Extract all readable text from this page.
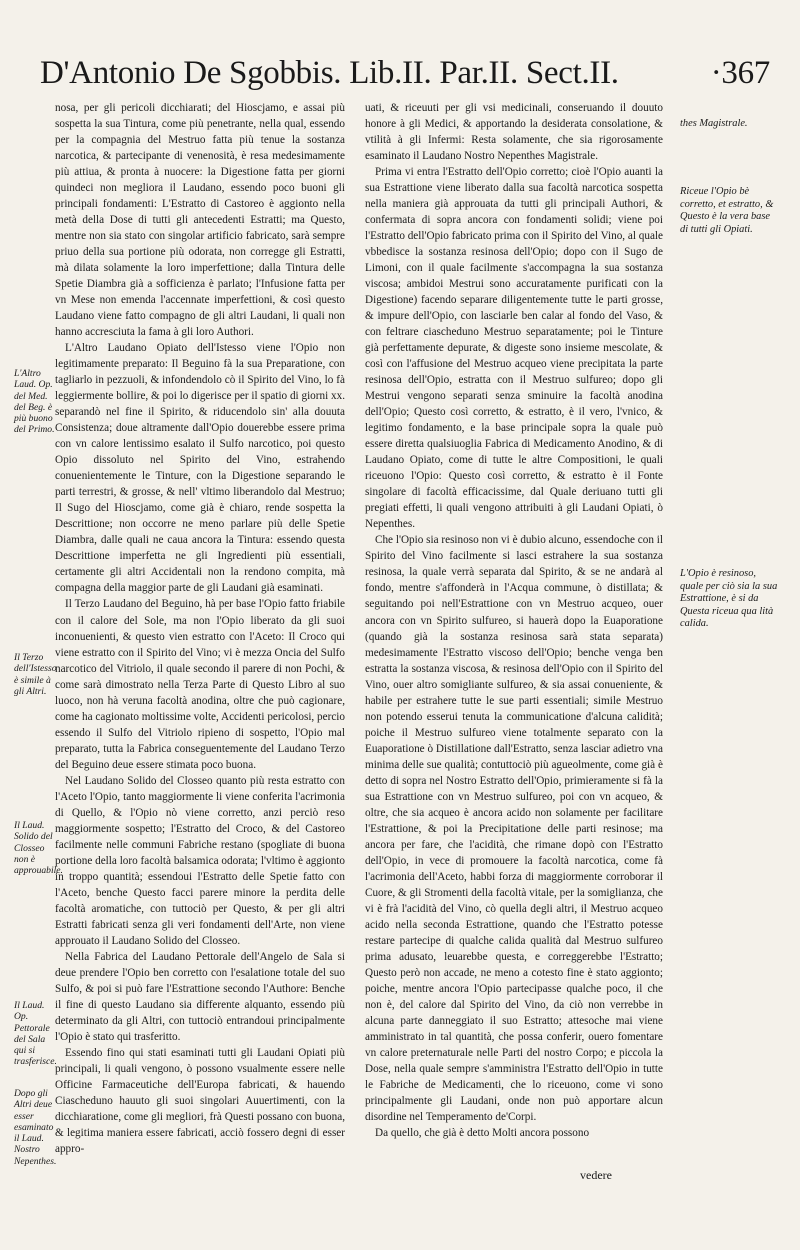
D'Antonio De Sgobbis. Lib.II. Par.II. Sect.II.	·367
L'Altro Laud. Op. del Med. del Beg. è più buono del Primo.
Il Terzo dell'Istesso è simile à gli Altri.
Il Laud. Solido del Closseo non è approuabile.
Il Laud. Op. Pettorale del Sala qui si trasferisce.
Dopo gli Altri deue esser esaminato il Laud. Nostro Nepenthes.

nosa, per gli pericoli dicchiarati; del Hioscjamo, e assai più sospetta la sua Tintura, come più penetrante, nella qual, essendo per la compagnia del Mestruo fatta più tenue la sostanza narcotica, & partecipante di venenosità, è resa medesimamente più attiua, & pronta à nuocere: la Digestione fatta per giorni quindeci non megliora il Laudano, essendo poco buoni gli principali fondamenti: L'Estratto di Castoreo è aggionto nella metà della Dose di tutti gli antecedenti Estratti; ma Questo, mentre non sia stato con singolar artificio fabricato, sarà sempre priuo della sua portione più odorata, non corregge gli Estratti, mà dilata solamente la loro imperfettione; dalla Tintura delle Spetie Diambra già a sofficienza è parlato; l'Infusione fatta per vn Mese non emenda l'accennate imperfettioni, & così questo Laudano viene fatto compagno de gli altri Laudani, li quali non hanno accresciuta la fama à gli loro Authori.

L'Altro Laudano Opiato dell'Istesso viene l'Opio non legitimamente preparato: Il Beguino fà la sua Preparatione, con tagliarlo in pezzuoli, & infondendolo cò il Spirito del Vino, lo fà leggiermente bollire, & poi lo digerisce per il spatio di giorni xx. separandò nel fine il Spirito, & riducendolo sin' alla douuta Consistenza; doue altramente dall'Opio douerebbe essere prima con vn calore lentissimo esalato il Sulfo narcotico, poi questo Opio dissoluto nel Spirito del Vino, estrahendo conuenientemente le Tinture, con la Digestione separando le parti terrestri, & grosse, & nell' vltimo liberandolo dal Mestruo; Il Sugo del Hioscjamo, come già è chiaro, rende sospetta la Descrittione; non occorre ne meno parlare più delle Spetie Diambra, dalle quali ne caua ancora la Tintura: essendo questa Descrittione imperfetta ne gli Ingredienti più essentiali, certamente gli altri Accidentali non la rendono compita, mà compagna della maggior parte de gli Laudani già esaminati.

Il Terzo Laudano del Beguino, hà per base l'Opio fatto friabile con il calore del Sole, ma non l'Opio liberato da gli suoi inconuenienti, & questo vien estratto con l'Aceto: Il Croco qui viene estratto con il Spirito del Vino; vi è mezza Oncia del Sulfo narcotico del Vitriolo, il quale secondo il parere di non Pochi, & come sarà dimostrato nella Terza Parte di Questo Libro al suo luoco, non hà veruna facoltà anodina, oltre che può cagionare, come ha cagionato moltissime volte, Accidenti pericolosi, percio essendo il Sulfo del Vitriolo ripieno di sospetto, l'Opio mal preparato, tutta la Fabrica conseguentemente del Laudano Terzo del Beguino deue essere stimata poco buona.

Nel Laudano Solido del Closseo quanto più resta estratto con l'Aceto l'Opio, tanto maggiormente li viene conferita l'acrimonia di Quello, & l'Opio nò viene corretto, anzi perciò reso maggiormente sospetto; l'Estratto del Croco, & del Castoreo facilmente nelle communi Fabriche restano (spogliate di buona portione della loro facoltà balsamica odorata; l'vltimo è aggionto in troppo quantità; essendoui l'Estratto delle Spetie fatto con l'Aceto, benche Questo facci parere minore la perdita delle facoltà aromatiche, con tuttociò per Questo, & per gli altri Estratti fabricati senza gli veri fondamenti dell'Arte, non viene approuato il Laudano Solido del Closseo.

Nella Fabrica del Laudano Pettorale dell'Angelo de Sala si deue prendere l'Opio ben corretto con l'esalatione totale del suo Sulfo, & poi si può fare l'Estrattione secondo l'Authore: Benche il fine di questo Laudano sia differente alquanto, essendo più determinato da gli Altri, con tuttociò entrandoui principalmente l'Opio è stato qui trasferitto.

Essendo fino qui stati esaminati tutti gli Laudani Opiati più principali, li quali vengono, ò possono vsualmente essere nelle Officine Farmaceutiche dell'Europa fabricati, & hauendo Ciascheduno hauuto gli suoi singolari Auuertimenti, con la dicchiaratione, come gli megliori, frà Questi possano con buona, & legitima maniera essere fabricati, acciò fossero degni di esser appro-

uati, & riceuuti per gli vsi medicinali, conseruando il douuto honore à gli Medici, & apportando la desiderata consolatione, & vtilità à gli Infermi: Resta solamente, che sia rigorosamente esaminato il Laudano Nostro Nepenthes Magistrale.

Prima vi entra l'Estratto dell'Opio corretto; cioè l'Opio auanti la sua Estrattione viene liberato dalla sua facoltà narcotica sospetta nella maniera già approuata da tutti gli principali Authori, & confermata di sopra ancora con fondamenti solidi; viene poi l'Estratto dell'Opio fabricato prima con il Spirito del Vino, al quale vbbedisce la sostanza resinosa dell'Opio; dopo con il Sugo de Limoni, con il quale facilmente s'accompagna la sua sostanza viscosa; ambidoi Mestrui sono accuratamente purificati con la Digestione) facendo separare diligentemente tutte le parti grosse, & impure dell'Opio, con lasciarle ben calar al fondo del Vaso, & con feltrare ciascheduno Mestruo separatamente; poi le Tinture già perfettamente depurate, & digeste sono insieme mescolate, & così con l'affusione del Mestruo acqueo viene precipitata la parte resinosa dell'Opio, estratta con il Mestruo sulfureo; dopo gli Mestrui vengono separati senza sminuire la facoltà anodina dell'Opio; Questo così corretto, & estratto, è il vero, l'vnico, & legitimo fondamento, e la base principale sopra la quale può essere diretta qualsiuoglia Fabrica di Medicamento Anodino, & di Laudano Opiato, come di tutte le altre Compositioni, le quali riceuono l'Opio: Questo così corretto, & estratto è il Fonte singolare di facoltà efficacissime, dal Quale deriuano tutti gli pregiati effetti, li quali vengono attribuiti à gli Laudani Opiati, ò Nepenthes.

Che l'Opio sia resinoso non vi è dubio alcuno, essendoche con il Spirito del Vino facilmente si lasci estrahere la sua sostanza resinosa, la quale verrà separata dal Spirito, & se ne andarà al fondo, mentre s'affonderà in l'Acqua commune, ò distillata; & seguitando poi nell'Estrattione con vn Mestruo acqueo, ouer ancora con vn Spirito sulfureo, si hauerà dopo la Euaporatione (quando già la sostanza resinosa sarà stata separata) medesimamente l'Estratto viscoso dell'Opio; benche venga ben estratta la sostanza viscosa, & resinosa dell'Opio con il Spirito del Vino, ouer altro somigliante sulfureo, & sia assai conueniente, & habile per estrahere tutte le sue parti essentiali; simile Mestruo non potendo esserui tenuta la communicatione d'alcuna calidità; poiche il Mestruo sulfureo viene totalmente separato con la Euaporatione ò Distillatione dall'Estratto, senza lasciar adietro vna minima delle sue qualità; contuttociò più agueolmente, come già è detto di sopra nel Nostro Estratto dell'Opio, primieramente si fà la sua Estrattione con vn Mestruo sulfureo, poi con vn acqueo, & oltre, che sia acqueo è ancora acido non solamente per facilitare l'Estrattione, & poi la Precipitatione delle parti resinose; ma ancora per fare, che l'acidità, che rimane dopò con l'Estratto dell'Opio, in vece di promouere la facoltà narcotica, come fà l'acrimonia dell'Aceto, habbi forza di maggiormente corroborar il Cuore, & gli Stromenti della facoltà vitale, per la somiglianza, che vi è frà l'acidità del Vino, cò quella degli altri, il Mestruo acqueo acido nella seconda Estrattione, quando che l'Estratto potesse restare partecipe di qualche calida qualità dal Mestruo sulfureo prima adusato, leuarebbe questa, e correggerebbe l'Estratto; Questo però non accade, ne meno a cotesto fine è stato aggionto; poiche, mentre ancora l'Opio partecipasse qualche poco, il che non è, del calore dal Spirito del Vino, da ciò non verrebbe in alcuna parte danneggiato il suo Estratto; attesoche mai viene amministrato in tal quantità, che possa conferir, ouero fomentare vn calore preternaturale nelle Parti del nostro Corpo; e piccola la Dose, nella quale sempre s'amministra l'Estratto dell'Opio in tutte le Fabriche de Medicamenti, che lo riceuono, come vi sono principalmente gli Laudani, onde non può apportare alcun disordine nel Temperamento de'Corpi.

Da quello, che già è detto Molti ancora possono

thes Magistrale.
Riceue l'Opio bè corretto, et estratto, & Questo è la vera base di tutti gli Opiati.
L'Opio è resinoso, quale per ciò sia la sua Estrattione, è si da Questa riceua qua lità calida.
vedere
